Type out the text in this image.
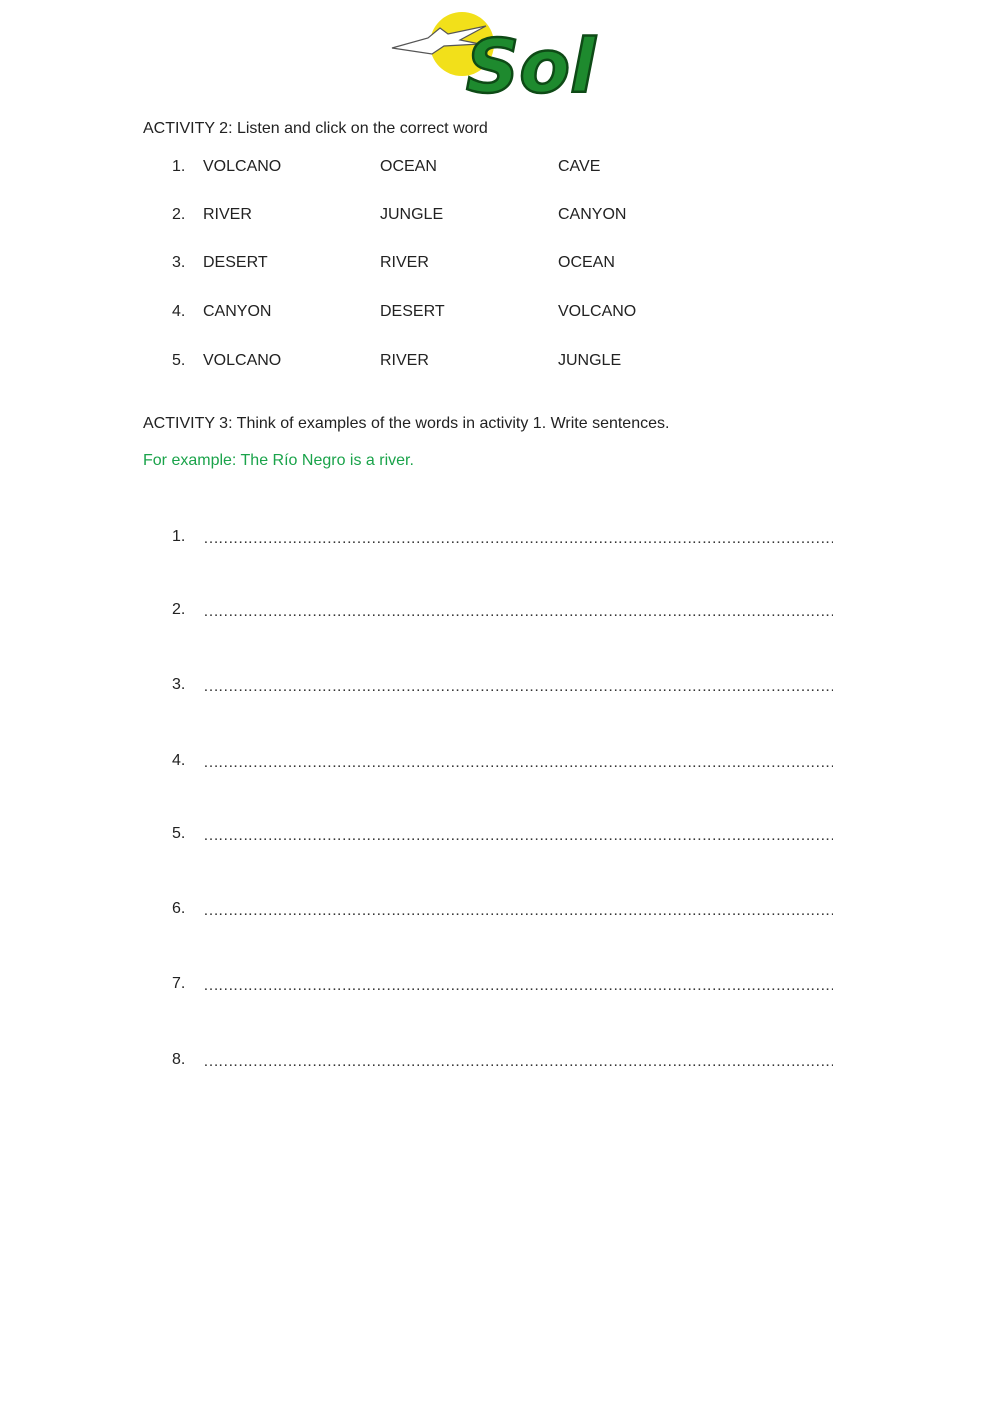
Sol
ACTIVITY 2: Listen and click on the correct word
1.	VOLCANO	OCEAN	CAVE
2.	RIVER	JUNGLE	CANYON
3.	DESERT	RIVER	OCEAN
4.	CANYON	DESERT	VOLCANO
5.	VOLCANO	RIVER	JUNGLE
ACTIVITY 3: Think of examples of the words in activity 1. Write sentences.
For example: The Río Negro is a river.
1.
…………………………………………………………………………………………………………………………………….
2.
…………………………………………………………………………………………………………………………………….
3.
……………………………………………………………………………………………………………………………………
4.
…………………………………………………………………………………………………………………………………….
5.
…………………………………………………………………………………………………………………………………….
6.
……………………………………………………………………………………………………………………………………
7.
…………………………………………………………………………………………………………………………………….
8.
……………………………………………………………………………………………………………………………………
